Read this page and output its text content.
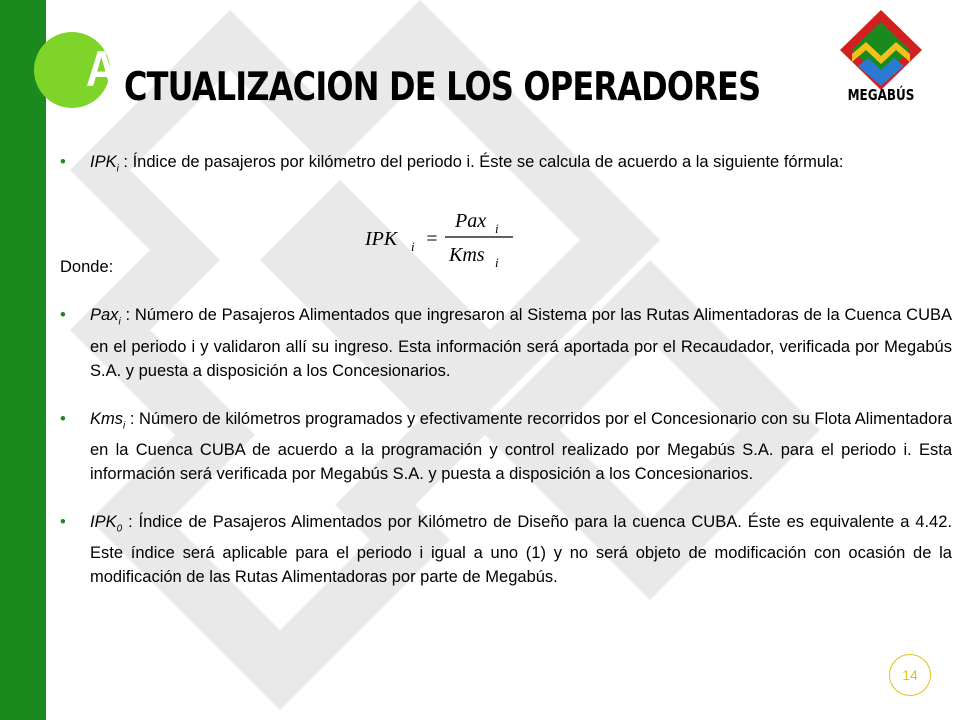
A CTUALIZACION DE LOS OPERADORES	MEGABÚS
• $IPK_i$ : Índice de pasajeros por kilómetro del periodo i. Éste se calcula de acuerdo a la siguiente fórmula:
Donde:
• Pax$_i$ : Número de Pasajeros Alimentados que ingresaron al Sistema por las Rutas Alimentadoras de la Cuenca CUBA en el periodo i y validaron allí su ingreso. Esta información será aportada por el Recaudador, verificada por Megabús S.A. y puesta a disposición a los Concesionarios.
• Kms$_i$ : Número de kilómetros programados y efectivamente recorridos por el Concesionario con su Flota Alimentadora en la Cuenca CUBA de acuerdo a la programación y control realizado por Megabús S.A. para el periodo i. Esta información será verificada por Megabús S.A. y puesta a disposición a los Concesionarios.
• $IPK_0$ : Índice de Pasajeros Alimentados por Kilómetro de Diseño para la cuenca CUBA. Éste es equivalente a 4.42. Este índice será aplicable para el periodo i igual a uno (1) y no será objeto de modificación con ocasión de la modificación de las Rutas Alimentadoras por parte de Megabús.
IPK i =
Pax i
Kms i
14
